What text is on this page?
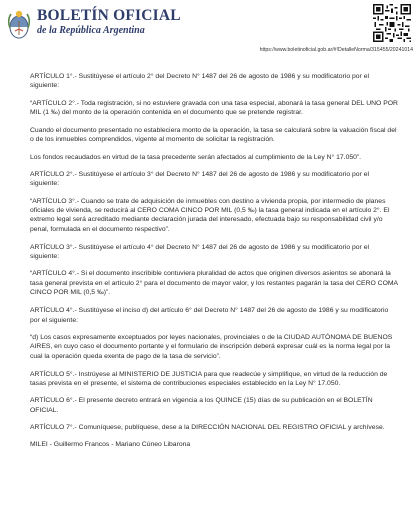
BOLETÍN OFICIAL
de la República Argentina
https://www.boletinoficial.gob.ar/#!DetalleNorma/315455/20241014

ARTÍCULO 1°.- Sustitúyese el artículo 2° del Decreto N° 1487 del 26 de agosto de 1986 y su modificatorio por el siguiente:

“ARTÍCULO 2°.- Toda registración, si no estuviere gravada con una tasa especial, abonará la tasa general DEL UNO POR MIL (1 ‰) del monto de la operación contenida en el documento que se pretende registrar.

Cuando el documento presentado no estableciera monto de la operación, la tasa se calculará sobre la valuación fiscal del o de los inmuebles comprendidos, vigente al momento de solicitar la registración.

Los fondos recaudados en virtud de la tasa precedente serán afectados al cumplimiento de la Ley N° 17.050”.

ARTÍCULO 2°.- Sustitúyese el artículo 3° del Decreto N° 1487 del 26 de agosto de 1986 y su modificatorio por el siguiente:

“ARTÍCULO 3°.- Cuando se trate de adquisición de inmuebles con destino a vivienda propia, por intermedio de planes oficiales de vivienda, se reducirá al CERO COMA CINCO POR MIL (0,5 ‰) la tasa general indicada en el artículo 2°. El extremo legal será acreditado mediante declaración jurada del interesado, efectuada bajo su responsabilidad civil y/o penal, formulada en el documento respectivo”.

ARTÍCULO 3°.- Sustitúyese el artículo 4° del Decreto N° 1487 del 26 de agosto de 1986 y su modificatorio por el siguiente:

“ARTÍCULO 4°.- Si el documento inscribible contuviera pluralidad de actos que originen diversos asientos se abonará la tasa general prevista en el artículo 2° para el documento de mayor valor, y los restantes pagarán la tasa del CERO COMA CINCO POR MIL (0,5 ‰)”.

ARTÍCULO 4°.- Sustitúyese el inciso d) del artículo 6° del Decreto N° 1487 del 26 de agosto de 1986 y su modificatorio por el siguiente:

“d) Los casos expresamente exceptuados por leyes nacionales, provinciales o de la CIUDAD AUTÓNOMA DE BUENOS AIRES, en cuyo caso el documento portante y el formulario de inscripción deberá expresar cuál es la norma legal por la cual la operación queda exenta de pago de la tasa de servicio”.

ARTÍCULO 5°.- Instrúyese al MINISTERIO DE JUSTICIA para que readecúe y simplifique, en virtud de la reducción de tasas prevista en el presente, el sistema de contribuciones especiales establecido en la Ley N° 17.050.

ARTÍCULO 6°.- El presente decreto entrará en vigencia a los QUINCE (15) días de su publicación en el BOLETÍN OFICIAL.

ARTÍCULO 7°.- Comuníquese, publíquese, dese a la DIRECCIÓN NACIONAL DEL REGISTRO OFICIAL y archívese.

MILEI - Guillermo Francos - Mariano Cúneo Libarona
